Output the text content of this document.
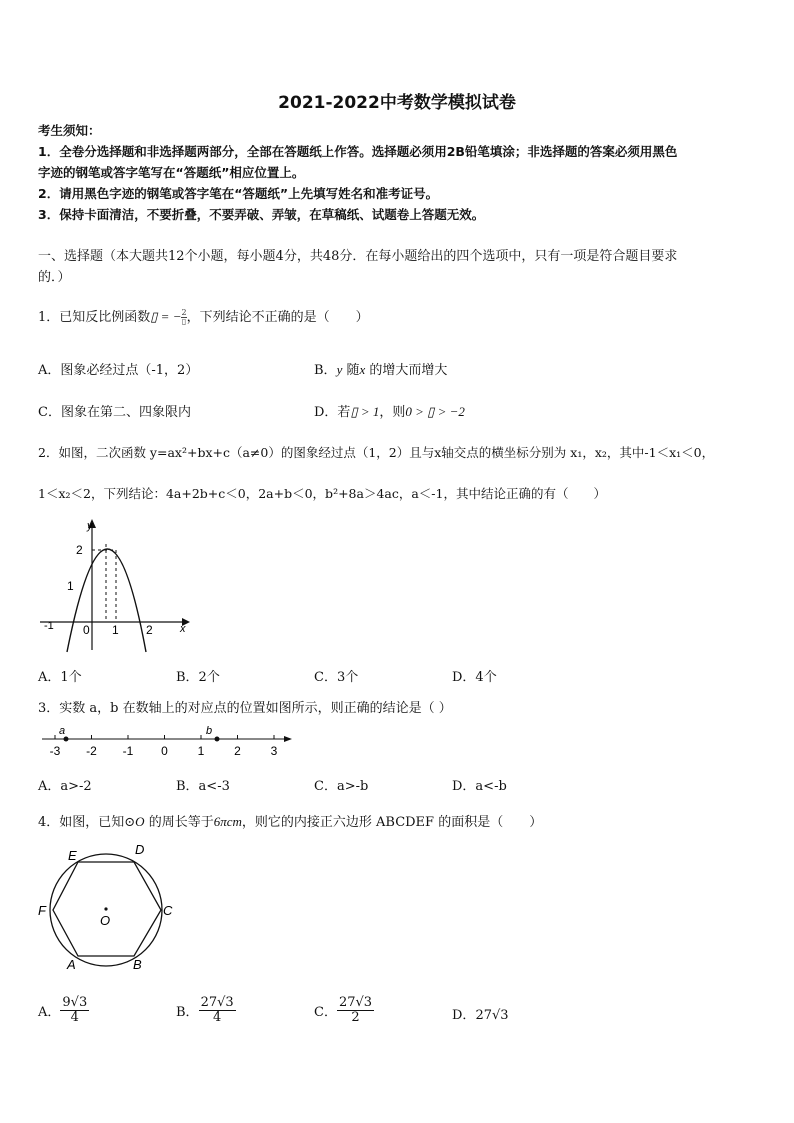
2021-2022中考数学模拟试卷
考生须知：
1．全卷分选择题和非选择题两部分，全部在答题纸上作答。选择题必须用2B铅笔填涂；非选择题的答案必须用黑色
字迹的钢笔或答字笔写在“答题纸”相应位置上。
2．请用黑色字迹的钢笔或答字笔在“答题纸”上先填写姓名和准考证号。
3．保持卡面清洁，不要折叠，不要弄破、弄皱，在草稿纸、试题卷上答题无效。
一、选择题（本大题共12个小题，每小题4分，共48分．在每小题给出的四个选项中，只有一项是符合题目要求
的．）
1．已知反比例函数▯ = − $\frac{2}{▯}$，下列结论不正确的是（　　）
A．图象必经过点（-1，2）	B．y 随x 的增大而增大
C．图象在第二、四象限内	D．若▯ > 1，则0 > ▯ > −2
2．如图，二次函数 y=ax²+bx+c（a≠0）的图象经过点（1，2）且与x轴交点的横坐标分别为 x₁，x₂，其中-1＜x₁＜0，
1＜x₂＜2，下列结论：4a+2b+c＜0，2a+b＜0，b²+8a＞4ac，a＜-1，其中结论正确的有（　　）
y
x
2
1
-1 0 1 2
A．1个	B．2个	C．3个	D．4个
3．实数 a，b 在数轴上的对应点的位置如图所示，则正确的结论是（ ）
-3 -2 -1 0 1 2 3
a	b
A．a>-2	B．a<-3	C．a>-b	D．a<-b
4．如图，已知⊙O 的周长等于6πcm，则它的内接正六边形 ABCDEF 的面积是（　　）
E	D
F	C
A	B
O
A． $\frac{9√3}{4}$	B． $\frac{27√3}{4}$	C． $\frac{27√3}{2}$	D．27√3
